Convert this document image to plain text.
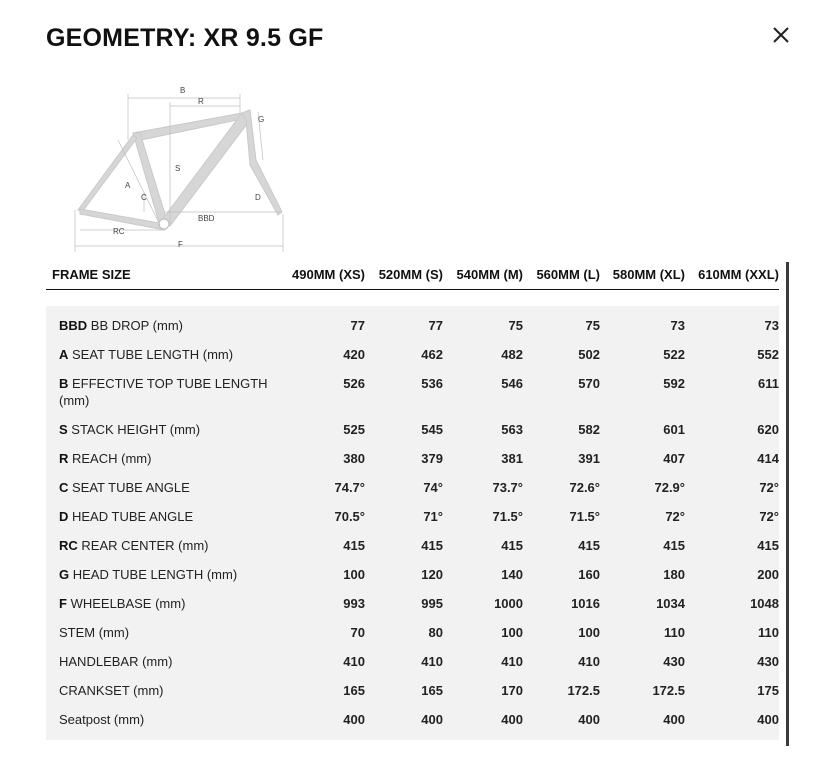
GEOMETRY: XR 9.5 GF
B
R
G
S
A
C	D
BBD
RC
F
FRAME SIZE	490MM (XS)	520MM (S)	540MM (M)	560MM (L)	580MM (XL)	610MM (XXL)

BBD BB DROP (mm)	77	77	75	75	73	73
A SEAT TUBE LENGTH (mm)	420	462	482	502	522	552
B EFFECTIVE TOP TUBE LENGTH (mm)	526	536	546	570	592	611
S STACK HEIGHT (mm)	525	545	563	582	601	620
R REACH (mm)	380	379	381	391	407	414
C SEAT TUBE ANGLE	74.7°	74°	73.7°	72.6°	72.9°	72°
D HEAD TUBE ANGLE	70.5°	71°	71.5°	71.5°	72°	72°
RC REAR CENTER (mm)	415	415	415	415	415	415
G HEAD TUBE LENGTH (mm)	100	120	140	160	180	200
F WHEELBASE (mm)	993	995	1000	1016	1034	1048
STEM (mm)	70	80	100	100	110	110
HANDLEBAR (mm)	410	410	410	410	430	430
CRANKSET (mm)	165	165	170	172.5	172.5	175
Seatpost (mm)	400	400	400	400	400	400
